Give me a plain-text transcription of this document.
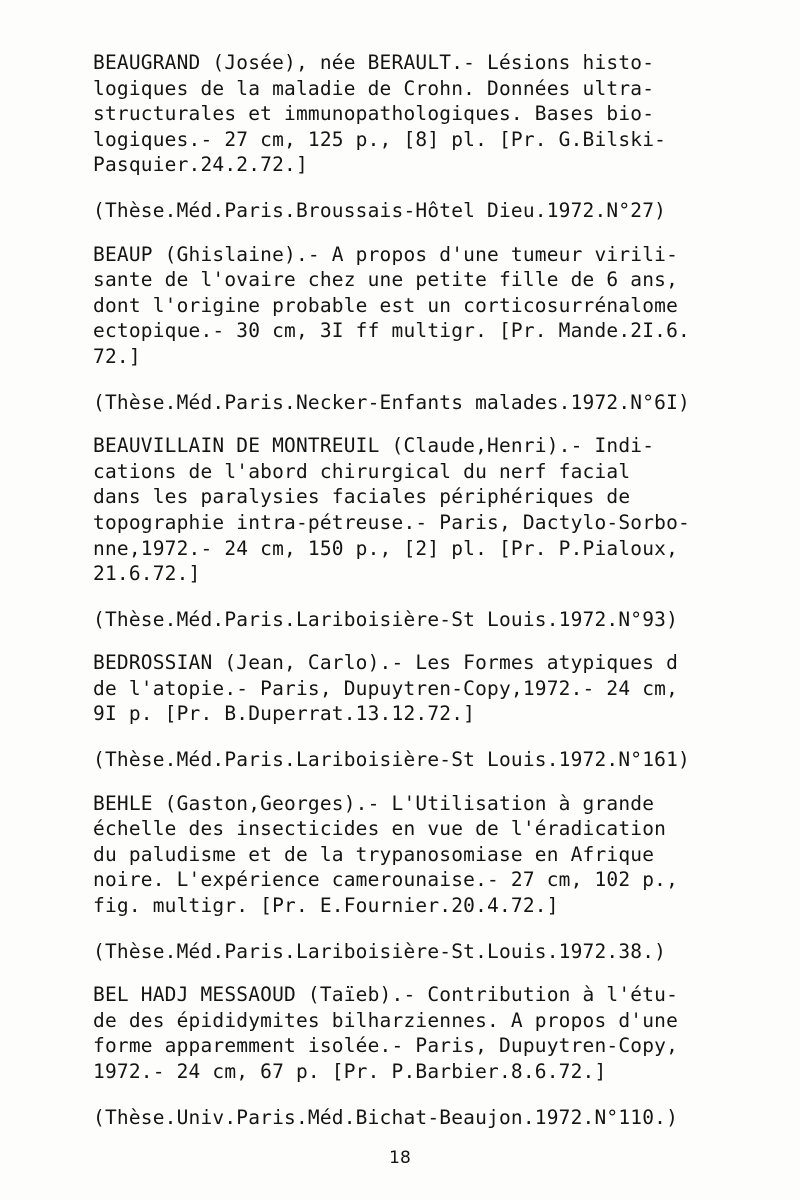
BEAUGRAND (Josée), née BERAULT.- Lésions histo-
logiques de la maladie de Crohn. Données ultra-
structurales et immunopathologiques. Bases bio-
logiques.- 27 cm, 125 p., [8] pl. [Pr. G.Bilski-
Pasquier.24.2.72.]
(Thèse.Méd.Paris.Broussais-Hôtel Dieu.1972.N°27)
BEAUP (Ghislaine).- A propos d'une tumeur virili-
sante de l'ovaire chez une petite fille de 6 ans,
dont l'origine probable est un corticosurrénalome
ectopique.- 30 cm, 3I ff multigr. [Pr. Mande.2I.6.
72.]
(Thèse.Méd.Paris.Necker-Enfants malades.1972.N°6I)
BEAUVILLAIN DE MONTREUIL (Claude,Henri).- Indi-
cations de l'abord chirurgical du nerf facial
dans les paralysies faciales périphériques de
topographie intra-pétreuse.- Paris, Dactylo-Sorbo-
nne,1972.- 24 cm, 150 p., [2] pl. [Pr. P.Pialoux,
21.6.72.]
(Thèse.Méd.Paris.Lariboisière-St Louis.1972.N°93)
BEDROSSIAN (Jean, Carlo).- Les Formes atypiques d
de l'atopie.- Paris, Dupuytren-Copy,1972.- 24 cm,
9I p. [Pr. B.Duperrat.13.12.72.]
(Thèse.Méd.Paris.Lariboisière-St Louis.1972.N°161)
BEHLE (Gaston,Georges).- L'Utilisation à grande
échelle des insecticides en vue de l'éradication
du paludisme et de la trypanosomiase en Afrique
noire. L'expérience camerounaise.- 27 cm, 102 p.,
fig. multigr. [Pr. E.Fournier.20.4.72.]
(Thèse.Méd.Paris.Lariboisière-St.Louis.1972.38.)
BEL HADJ MESSAOUD (Taïeb).- Contribution à l'étu-
de des épididymites bilharziennes. A propos d'une
forme apparemment isolée.- Paris, Dupuytren-Copy,
1972.- 24 cm, 67 p. [Pr. P.Barbier.8.6.72.]
(Thèse.Univ.Paris.Méd.Bichat-Beaujon.1972.N°110.)
18
